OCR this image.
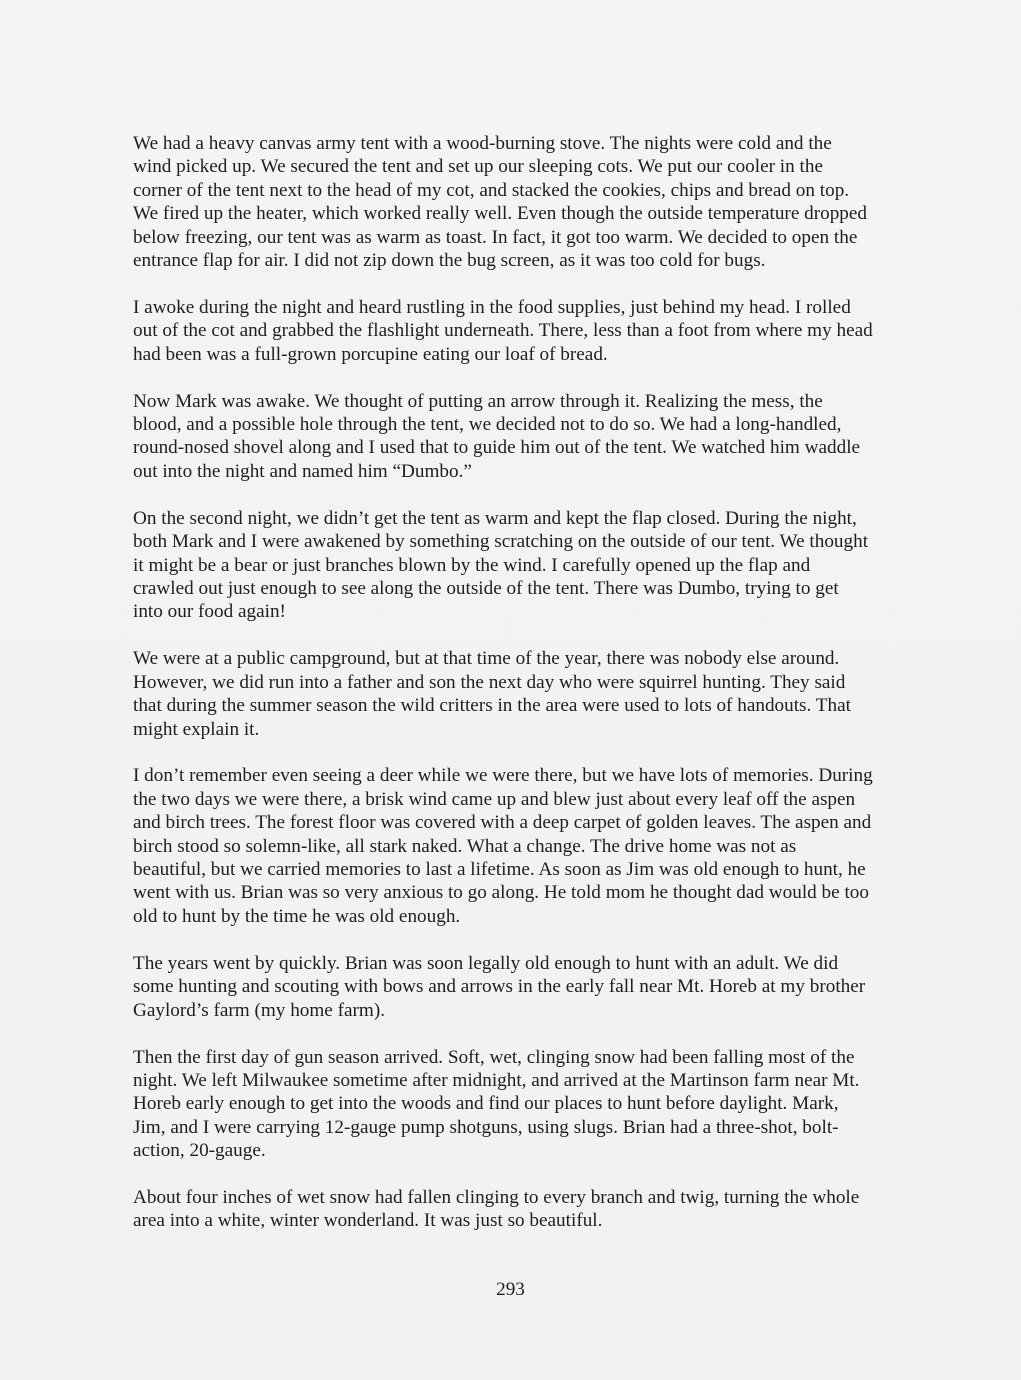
We had a heavy canvas army tent with a wood-burning stove. The nights were cold and the wind picked up. We secured the tent and set up our sleeping cots. We put our cooler in the corner of the tent next to the head of my cot, and stacked the cookies, chips and bread on top. We fired up the heater, which worked really well. Even though the outside temperature dropped below freezing, our tent was as warm as toast. In fact, it got too warm. We decided to open the entrance flap for air. I did not zip down the bug screen, as it was too cold for bugs.

I awoke during the night and heard rustling in the food supplies, just behind my head. I rolled out of the cot and grabbed the flashlight underneath. There, less than a foot from where my head had been was a full-grown porcupine eating our loaf of bread.

Now Mark was awake. We thought of putting an arrow through it. Realizing the mess, the blood, and a possible hole through the tent, we decided not to do so. We had a long-handled, round-nosed shovel along and I used that to guide him out of the tent. We watched him waddle out into the night and named him “Dumbo.”

On the second night, we didn’t get the tent as warm and kept the flap closed. During the night, both Mark and I were awakened by something scratching on the outside of our tent. We thought it might be a bear or just branches blown by the wind. I carefully opened up the flap and crawled out just enough to see along the outside of the tent. There was Dumbo, trying to get into our food again!

We were at a public campground, but at that time of the year, there was nobody else around. However, we did run into a father and son the next day who were squirrel hunting. They said that during the summer season the wild critters in the area were used to lots of handouts. That might explain it.

I don’t remember even seeing a deer while we were there, but we have lots of memories. During the two days we were there, a brisk wind came up and blew just about every leaf off the aspen and birch trees. The forest floor was covered with a deep carpet of golden leaves. The aspen and birch stood so solemn-like, all stark naked. What a change. The drive home was not as beautiful, but we carried memories to last a lifetime. As soon as Jim was old enough to hunt, he went with us. Brian was so very anxious to go along. He told mom he thought dad would be too old to hunt by the time he was old enough.

The years went by quickly. Brian was soon legally old enough to hunt with an adult. We did some hunting and scouting with bows and arrows in the early fall near Mt. Horeb at my brother Gaylord’s farm (my home farm).

Then the first day of gun season arrived. Soft, wet, clinging snow had been falling most of the night. We left Milwaukee sometime after midnight, and arrived at the Martinson farm near Mt. Horeb early enough to get into the woods and find our places to hunt before daylight. Mark, Jim, and I were carrying 12-gauge pump shotguns, using slugs. Brian had a three-shot, bolt-action, 20-gauge.

About four inches of wet snow had fallen clinging to every branch and twig, turning the whole area into a white, winter wonderland. It was just so beautiful.

293
